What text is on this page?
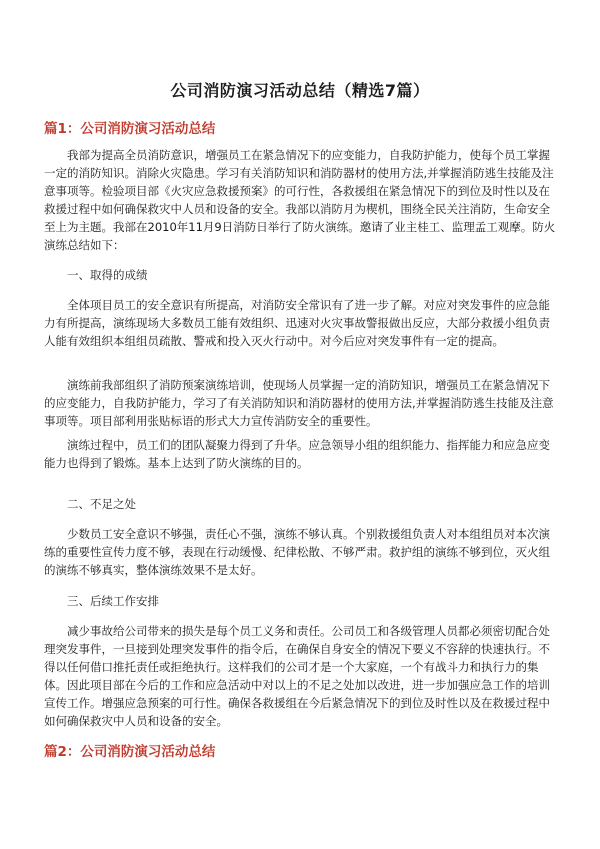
公司消防演习活动总结（精选7篇）
篇1：公司消防演习活动总结

我部为提高全员消防意识，增强员工在紧急情况下的应变能力，自我防护能力，使每个员工掌握一定的消防知识。消除火灾隐患。学习有关消防知识和消防器材的使用方法,并掌握消防逃生技能及注意事项等。检验项目部《火灾应急救援预案》的可行性，各救援组在紧急情况下的到位及时性以及在救援过程中如何确保救灾中人员和设备的安全。我部以消防月为楔机，围绕全民关注消防，生命安全至上为主题。我部在2010年11月9日消防日举行了防火演练。邀请了业主桂工、监理孟工观摩。防火演练总结如下：

一、取得的成绩

全体项目员工的安全意识有所提高，对消防安全常识有了进一步了解。对应对突发事件的应急能力有所提高，演练现场大多数员工能有效组织、迅速对火灾事故警报做出反应，大部分救援小组负责人能有效组织本组组员疏散、警戒和投入灭火行动中。对今后应对突发事件有一定的提高。

演练前我部组织了消防预案演练培训，使现场人员掌握一定的消防知识，增强员工在紧急情况下的应变能力，自我防护能力，学习了有关消防知识和消防器材的使用方法,并掌握消防逃生技能及注意事项等。项目部利用张贴标语的形式大力宣传消防安全的重要性。

演练过程中，员工们的团队凝聚力得到了升华。应急领导小组的组织能力、指挥能力和应急应变能力也得到了锻炼。基本上达到了防火演练的目的。

二、不足之处

少数员工安全意识不够强，责任心不强，演练不够认真。个别救援组负责人对本组组员对本次演练的重要性宣传力度不够，表现在行动缓慢、纪律松散、不够严肃。救护组的演练不够到位，灭火组的演练不够真实，整体演练效果不是太好。

三、后续工作安排

减少事故给公司带来的损失是每个员工义务和责任。公司员工和各级管理人员都必须密切配合处理突发事件，一旦接到处理突发事件的指令后，在确保自身安全的情况下要义不容辞的快速执行。不得以任何借口推托责任或拒绝执行。这样我们的公司才是一个大家庭，一个有战斗力和执行力的集体。因此项目部在今后的工作和应急活动中对以上的不足之处加以改进，进一步加强应急工作的培训宣传工作。增强应急预案的可行性。确保各救援组在今后紧急情况下的到位及时性以及在救援过程中如何确保救灾中人员和设备的安全。

篇2：公司消防演习活动总结
